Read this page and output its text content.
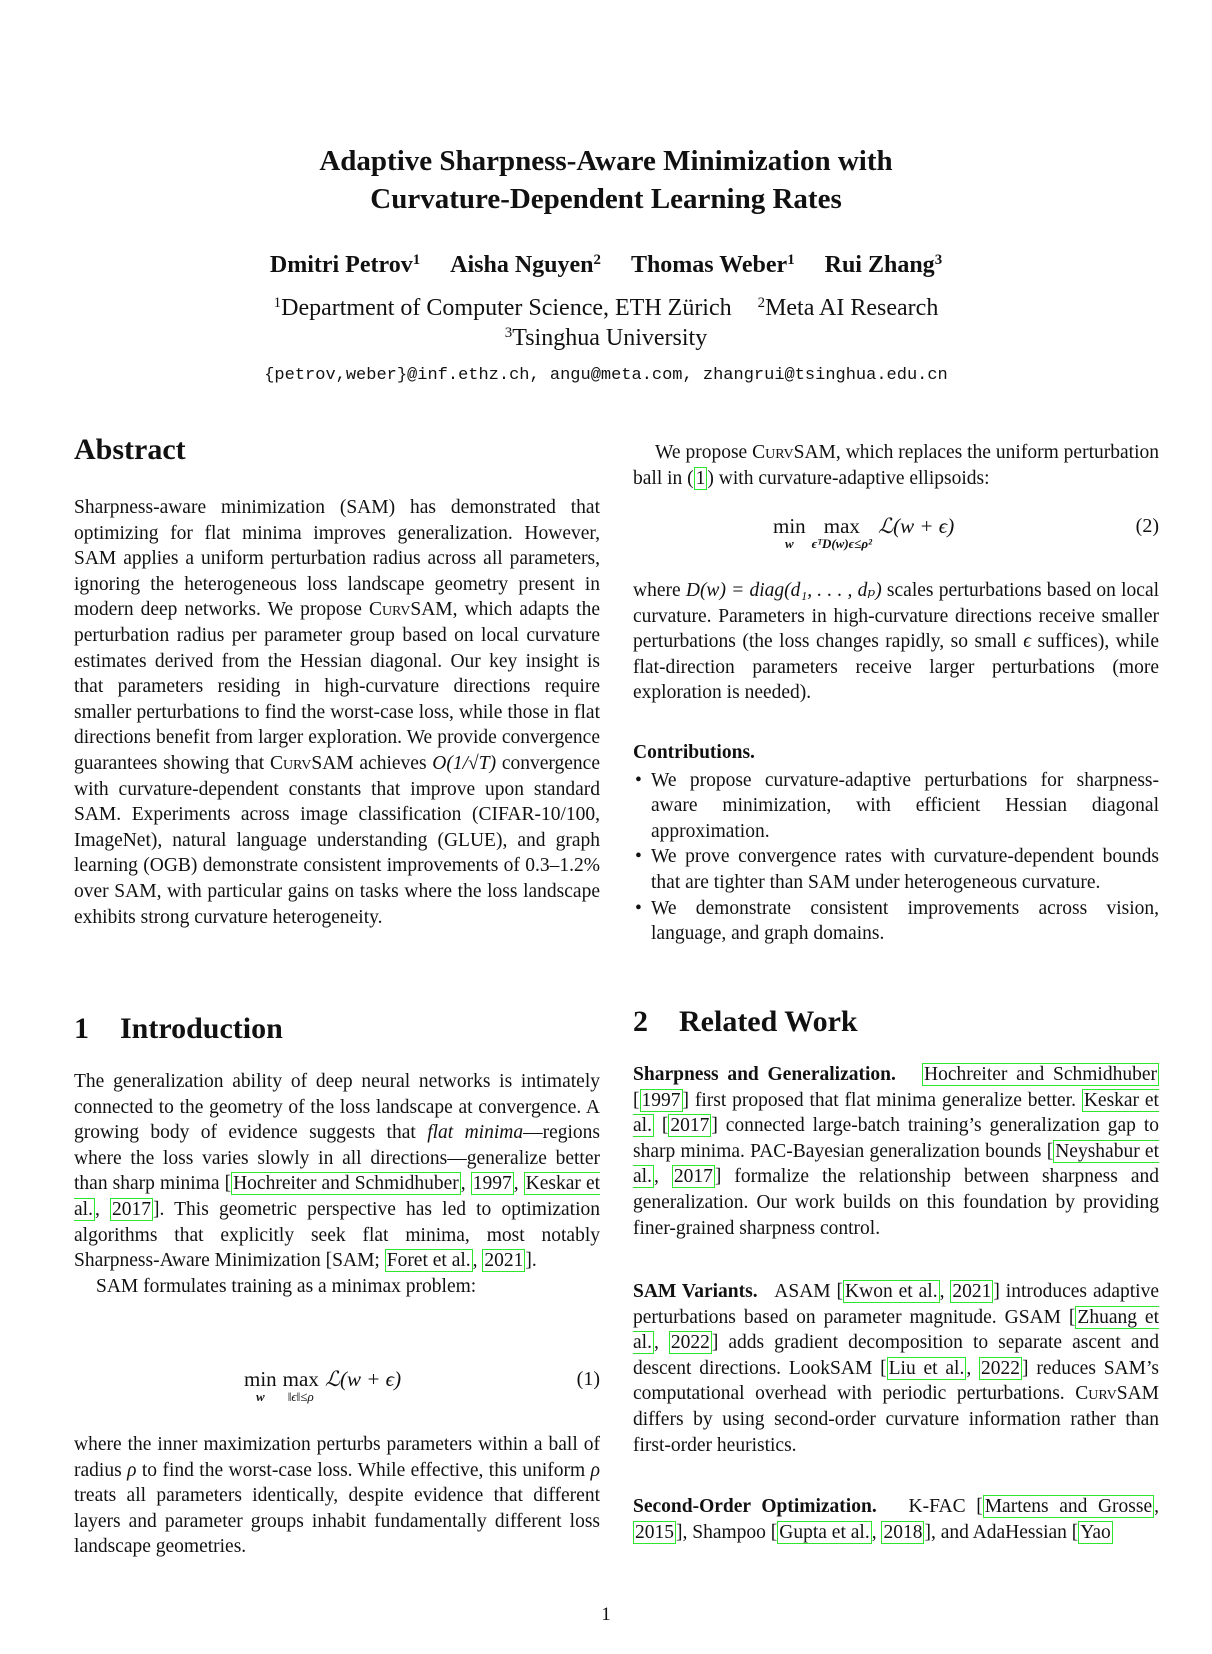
Adaptive Sharpness-Aware Minimization with
Curvature-Dependent Learning Rates
Dmitri Petrov$^1$ Aisha Nguyen$^2$ Thomas Weber$^1$ Rui Zhang$^3$
$^1$Department of Computer Science, ETH Zürich $^2$Meta AI Research
$^3$Tsinghua University
{petrov,weber}@inf.ethz.ch, angu@meta.com, zhangrui@tsinghua.edu.cn
Abstract

Sharpness-aware minimization (SAM) has demonstrated that optimizing for flat minima improves generalization. However, SAM applies a uniform perturbation radius across all parameters, ignoring the heterogeneous loss landscape geometry present in modern deep networks. We propose CurvSAM, which adapts the perturbation radius per parameter group based on local curvature estimates derived from the Hessian diagonal. Our key insight is that parameters residing in high-curvature directions require smaller perturbations to find the worst-case loss, while those in flat directions benefit from larger exploration. We provide convergence guarantees showing that CurvSAM achieves O(1/√T) convergence with curvature-dependent constants that improve upon standard SAM. Experiments across image classification (CIFAR-10/100, ImageNet), natural language understanding (GLUE), and graph learning (OGB) demonstrate consistent improvements of 0.3–1.2% over SAM, with particular gains on tasks where the loss landscape exhibits strong curvature heterogeneity.

1 Introduction

The generalization ability of deep neural networks is intimately connected to the geometry of the loss landscape at convergence. A growing body of evidence suggests that flat minima—regions where the loss varies slowly in all directions—generalize better than sharp minima [ Hochreiter and Schmidhuber , 1997 , Keskar et al. , 2017 ]. This geometric perspective has led to optimization algorithms that explicitly seek flat minima, most notably Sharpness-Aware Minimization [SAM; Foret et al. , 2021 ].

SAM formulates training as a minimax problem:

min
w
max
‖ϵ‖≤ρ
ℒ(w + ϵ)	(1)

where the inner maximization perturbs parameters within a ball of radius ρ to find the worst-case loss. While effective, this uniform ρ treats all parameters identically, despite evidence that different layers and parameter groups inhabit fundamentally different loss landscape geometries.

We propose CurvSAM, which replaces the uniform perturbation ball in ( 1 ) with curvature-adaptive ellipsoids:

min
w
max
ϵᵀD(w)ϵ≤ρ²
ℒ(w + ϵ)	(2)

where D(w) = diag(d₁, . . . , dₚ) scales perturbations based on local curvature. Parameters in high-curvature directions receive smaller perturbations (the loss changes rapidly, so small ϵ suffices), while flat-direction parameters receive larger perturbations (more exploration is needed).

Contributions.

• We propose curvature-adaptive perturbations for sharpness-aware minimization, with efficient Hessian diagonal approximation.
• We prove convergence rates with curvature-dependent bounds that are tighter than SAM under heterogeneous curvature.
• We demonstrate consistent improvements across vision, language, and graph domains.
2 Related Work

Sharpness and Generalization. Hochreiter and Schmidhuber [ 1997 ] first proposed that flat minima generalize better. Keskar et al. [ 2017 ] connected large-batch training’s generalization gap to sharp minima. PAC-Bayesian generalization bounds [ Neyshabur et al. , 2017 ] formalize the relationship between sharpness and generalization. Our work builds on this foundation by providing finer-grained sharpness control.

SAM Variants. ASAM [ Kwon et al. , 2021 ] introduces adaptive perturbations based on parameter magnitude. GSAM [ Zhuang et al. , 2022 ] adds gradient decomposition to separate ascent and descent directions. LookSAM [ Liu et al. , 2022 ] reduces SAM’s computational overhead with periodic perturbations. CurvSAM differs by using second-order curvature information rather than first-order heuristics.

Second-Order Optimization. K-FAC [ Martens and Grosse , 2015 ], Shampoo [ Gupta et al. , 2018 ], and AdaHessian [ Yao

1
